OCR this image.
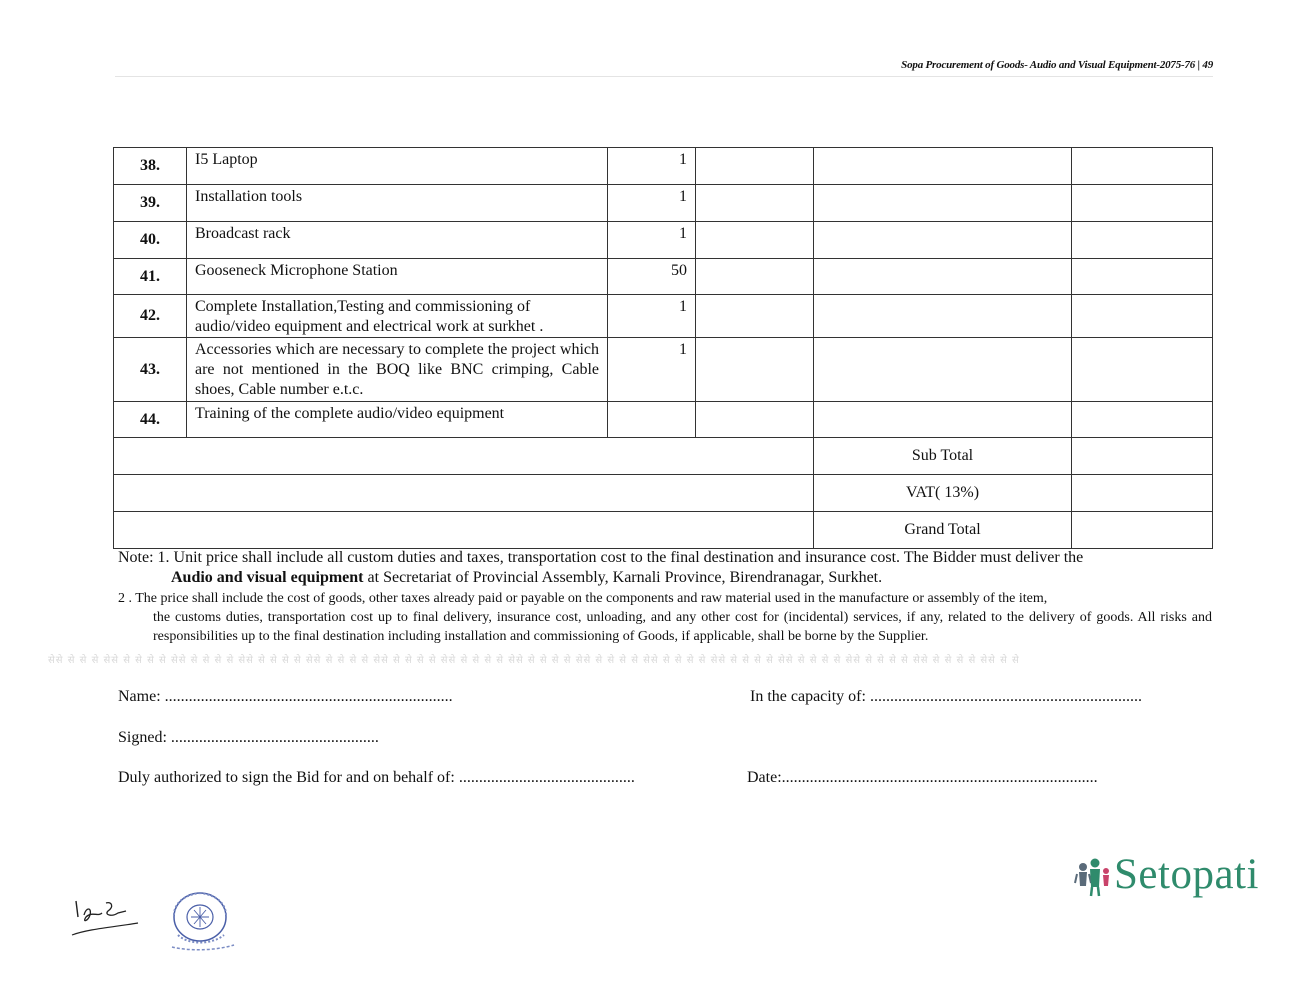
Sopa Procurement of Goods- Audio and Visual Equipment-2075-76 | 49
38.	I5 Laptop	1			
39.	Installation tools	1			
40.	Broadcast rack	1			
41.	Gooseneck Microphone Station	50			
42.	Complete Installation,Testing and commissioning of audio/video equipment and electrical work at surkhet .	1			
43.	Accessories which are necessary to complete the project which are not mentioned in the BOQ like BNC crimping, Cable shoes, Cable number e.t.c.	1			
44.	Training of the complete audio/video equipment				
				Sub Total	
				VAT( 13%)	
				Grand Total	
Note: 1. Unit price shall include all custom duties and taxes, transportation cost to the final destination and insurance cost. The Bidder must deliver the
Audio and visual equipment at Secretariat of Provincial Assembly, Karnali Province, Birendranagar, Surkhet.
2 . The price shall include the cost of goods, other taxes already paid or payable on the components and raw material used in the manufacture or assembly of the item,
the customs duties, transportation cost up to final delivery, insurance cost, unloading, and any other cost for (incidental) services, if any, related to the delivery of goods. All risks and responsibilities up to the final destination including installation and commissioning of Goods, if applicable, shall be borne by the Supplier.
सेसे से से से सेसे से से से से सेसे से से से से सेसे से से से से सेसे से से से से सेसे से से से से सेसे से से से से सेसे से से से से सेसे से से से से सेसे से से से से सेसे से से से से सेसे से से से से सेसे से से से से सेसे से से से से सेसे से से
Name: ........................................................................	In the capacity of: ....................................................................
Signed: ....................................................
Duly authorized to sign the Bid for and on behalf of: ............................................	Date:...............................................................................
Setopati
